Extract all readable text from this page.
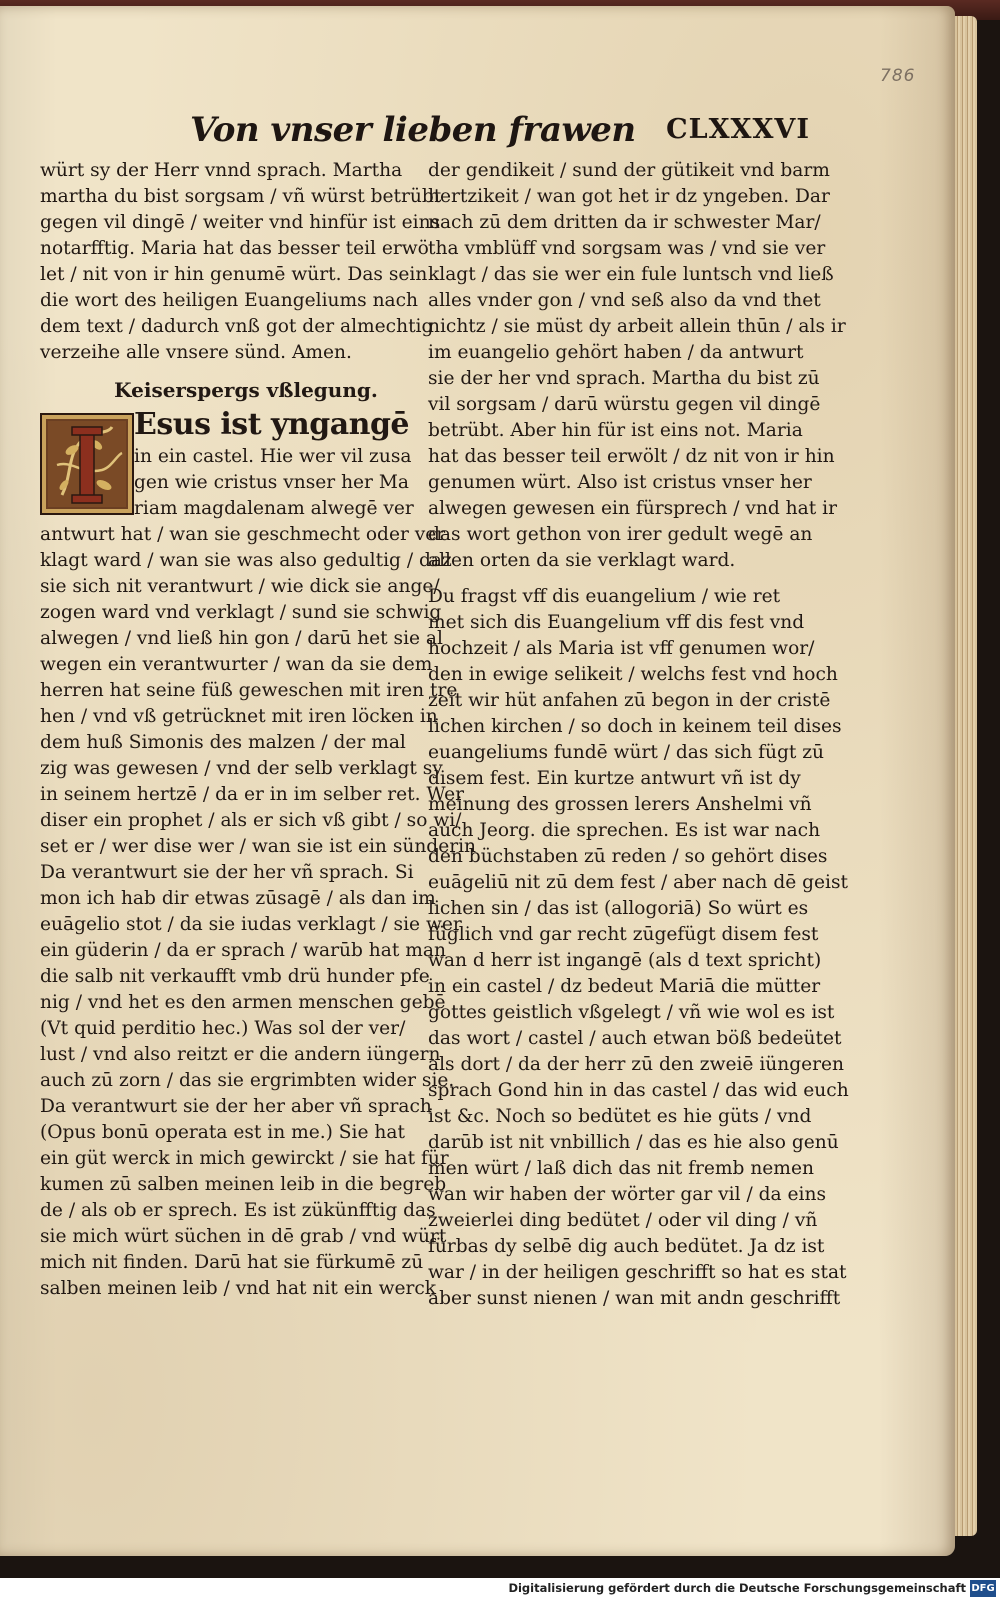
786
Von vnser lieben frawen CLXXXVI
würt sy der Herr vnnd sprach. Martha
martha du bist sorgsam / vñ würst betrübt
gegen vil dingē / weiter vnd hinfür ist eins
notarfftig. Maria hat das besser teil erwö
let / nit von ir hin genumē würt. Das sein
die wort des heiligen Euangeliums nach
dem text / dadurch vnß got der almechtig
verzeihe alle vnsere sünd. Amen.
Keiserspergs vßlegung.
Esus ist yngangē
in ein castel. Hie wer vil zusa
gen wie cristus vnser her Ma
riam magdalenam alwegē ver
antwurt hat / wan sie geschmecht oder ver
klagt ward / wan sie was also gedultig / daz
sie sich nit verantwurt / wie dick sie ange/
zogen ward vnd verklagt / sund sie schwig
alwegen / vnd ließ hin gon / darū het sie al
wegen ein verantwurter / wan da sie dem
herren hat seine füß geweschen mit iren tre
hen / vnd vß getrücknet mit iren löcken in
dem huß Simonis des malzen / der mal
zig was gewesen / vnd der selb verklagt sy
in seinem hertzē / da er in im selber ret. Wer
diser ein prophet / als er sich vß gibt / so wi/
set er / wer dise wer / wan sie ist ein sünderin
Da verantwurt sie der her vñ sprach. Si
mon ich hab dir etwas zūsagē / als dan im
euāgelio stot / da sie iudas verklagt / sie wer
ein güderin / da er sprach / warūb hat man
die salb nit verkaufft vmb drü hunder pfe
nig / vnd het es den armen menschen gebē
(Vt quid perditio hec.) Was sol der ver/
lust / vnd also reitzt er die andern iüngern
auch zū zorn / das sie ergrimbten wider sie.
Da verantwurt sie der her aber vñ sprach
(Opus bonū operata est in me.) Sie hat
ein güt werck in mich gewirckt / sie hat für
kumen zū salben meinen leib in die begreb
de / als ob er sprech. Es ist zükünfftig das
sie mich würt süchen in dē grab / vnd würt
mich nit finden. Darū hat sie fürkumē zū
salben meinen leib / vnd hat nit ein werck
der gendikeit / sund der gütikeit vnd barm
hertzikeit / wan got het ir dz yngeben. Dar
nach zū dem dritten da ir schwester Mar/
tha vmblüff vnd sorgsam was / vnd sie ver
klagt / das sie wer ein fule luntsch vnd ließ
alles vnder gon / vnd seß also da vnd thet
nichtz / sie müst dy arbeit allein thūn / als ir
im euangelio gehört haben / da antwurt
sie der her vnd sprach. Martha du bist zū
vil sorgsam / darū würstu gegen vil dingē
betrübt. Aber hin für ist eins not. Maria
hat das besser teil erwölt / dz nit von ir hin
genumen würt. Also ist cristus vnser her
alwegen gewesen ein fürsprech / vnd hat ir
das wort gethon von irer gedult wegē an
allen orten da sie verklagt ward.
Du fragst vff dis euangelium / wie ret
met sich dis Euangelium vff dis fest vnd
hochzeit / als Maria ist vff genumen wor/
den in ewige selikeit / welchs fest vnd hoch
zeit wir hüt anfahen zū begon in der cristē
lichen kirchen / so doch in keinem teil dises
euangeliums fundē würt / das sich fügt zū
disem fest. Ein kurtze antwurt vñ ist dy
meinung des grossen lerers Anshelmi vñ
auch Jeorg. die sprechen. Es ist war nach
den büchstaben zū reden / so gehört dises
euāgeliū nit zū dem fest / aber nach dē geist
lichen sin / das ist (allogoriā) So würt es
füglich vnd gar recht zūgefügt disem fest
wan d herr ist ingangē (als d text spricht)
in ein castel / dz bedeut Mariā die mütter
gottes geistlich vßgelegt / vñ wie wol es ist
das wort / castel / auch etwan böß bedeütet
als dort / da der herr zū den zweiē iüngeren
sprach Gond hin in das castel / das wid euch
ist &c. Noch so bedütet es hie güts / vnd
darūb ist nit vnbillich / das es hie also genū
men würt / laß dich das nit fremb nemen
wan wir haben der wörter gar vil / da eins
zweierlei ding bedütet / oder vil ding / vñ
fürbas dy selbē dig auch bedütet. Ja dz ist
war / in der heiligen geschrifft so hat es stat
aber sunst nienen / wan mit andn geschrifft
Digitalisierung gefördert durch die Deutsche Forschungsgemeinschaft DFG
